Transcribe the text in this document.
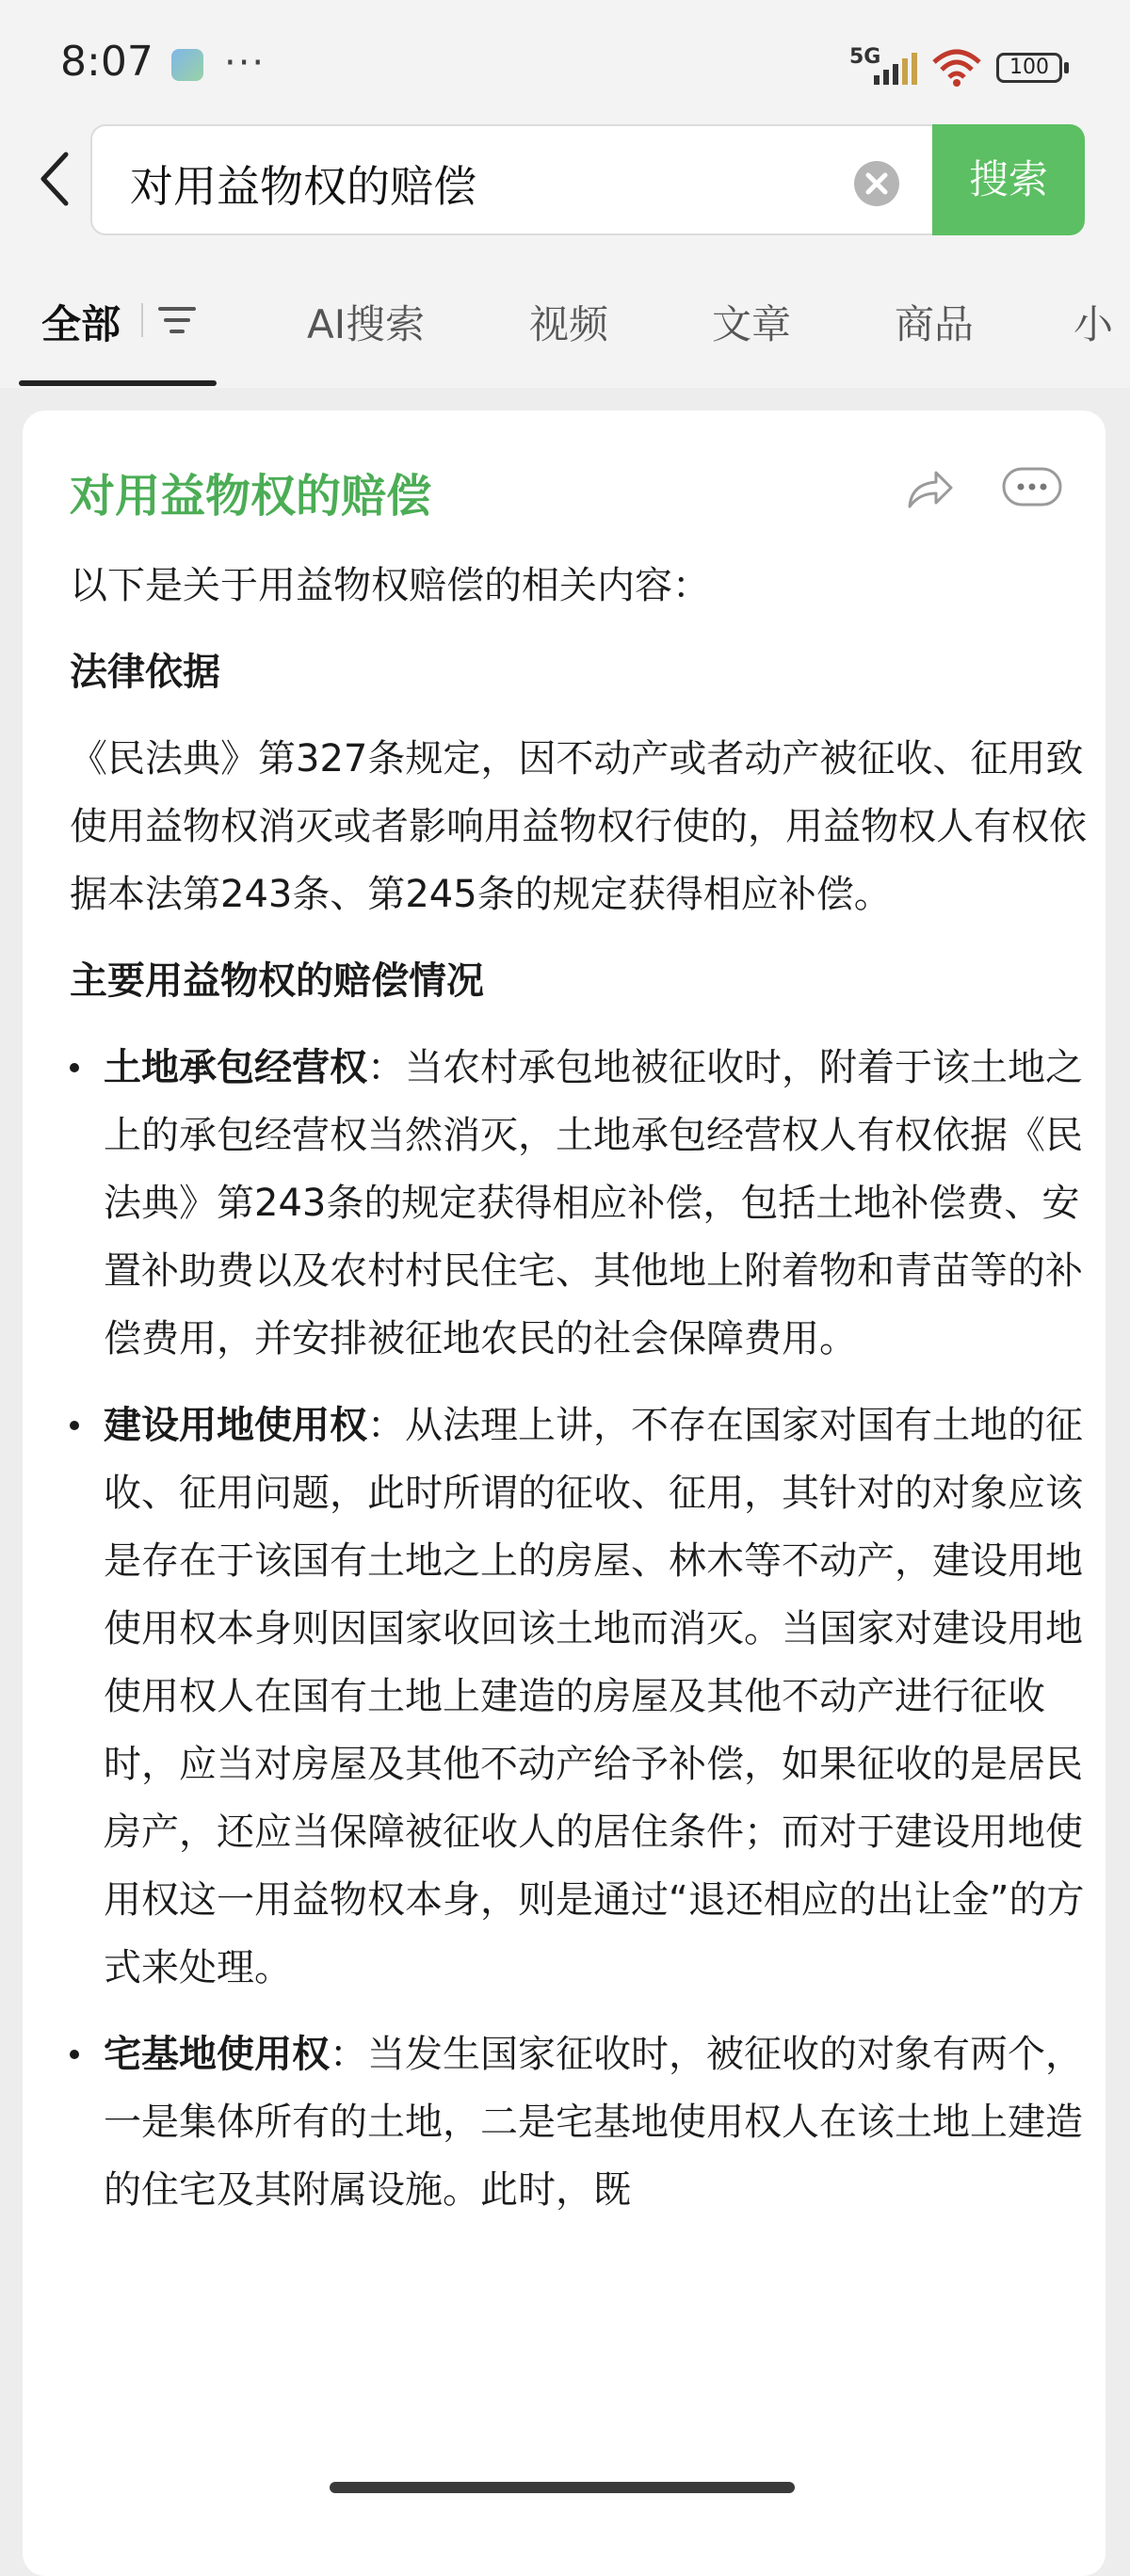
8:07 ···	5G	100
对用益物权的赔偿	搜索
全部	AI搜索	视频	文章	商品	小
对用益物权的赔偿

以下是关于用益物权赔偿的相关内容：

法律依据

《民法典》第327条规定，因不动产或者动产被征收、征用致使用益物权消灭或者影响用益物权行使的，用益物权人有权依据本法第243条、第245条的规定获得相应补偿。

主要用益物权的赔偿情况

土地承包经营权：当农村承包地被征收时，附着于该土地之上的承包经营权当然消灭，土地承包经营权人有权依据《民法典》第243条的规定获得相应补偿，包括土地补偿费、安置补助费以及农村村民住宅、其他地上附着物和青苗等的补偿费用，并安排被征地农民的社会保障费用。
建设用地使用权：从法理上讲，不存在国家对国有土地的征收、征用问题，此时所谓的征收、征用，其针对的对象应该是存在于该国有土地之上的房屋、林木等不动产，建设用地使用权本身则因国家收回该土地而消灭。当国家对建设用地使用权人在国有土地上建造的房屋及其他不动产进行征收时，应当对房屋及其他不动产给予补偿，如果征收的是居民房产，还应当保障被征收人的居住条件；而对于建设用地使用权这一用益物权本身，则是通过“退还相应的出让金”的方式来处理。
宅基地使用权：当发生国家征收时，被征收的对象有两个，一是集体所有的土地，二是宅基地使用权人在该土地上建造的住宅及其附属设施。此时，既
